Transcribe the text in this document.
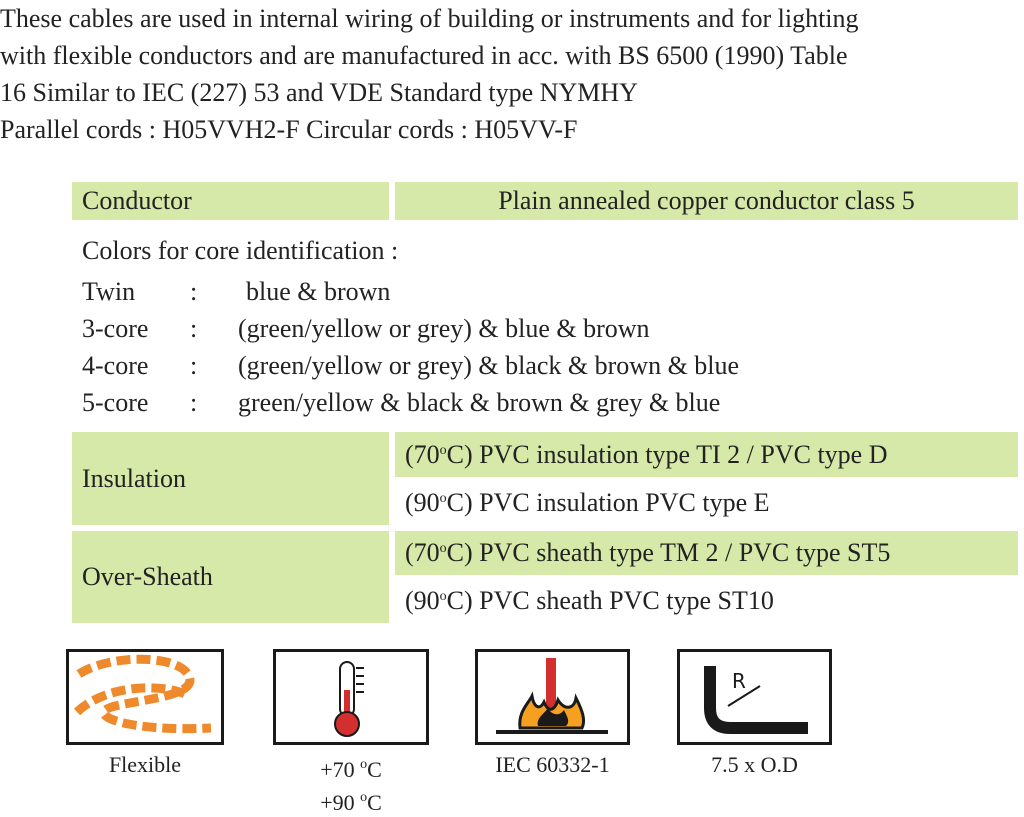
These cables are used in internal wiring of building or instruments and for lighting
with flexible conductors and are manufactured in acc. with BS 6500 (1990) Table
16 Similar to IEC (227) 53 and VDE Standard type NYMHY
Parallel cords : H05VVH2-F Circular cords : H05VV-F
Conductor	Plain annealed copper conductor class 5
Colors for core identification :
Twin : blue & brown
3-core : (green/yellow or grey) & blue & brown
4-core : (green/yellow or grey) & black & brown & blue
5-core : green/yellow & black & brown & grey & blue
Insulation
(70$^o$C) PVC insulation type TI 2 / PVC type D
(90$^o$C) PVC insulation PVC type E
Over-Sheath
(70$^o$C) PVC sheath type TM 2 / PVC type ST5
(90$^o$C) PVC sheath PVC type ST10
Flexible	+70 $^o$C
+90 $^o$C
IEC 60332-1
R
7.5 x O.D
